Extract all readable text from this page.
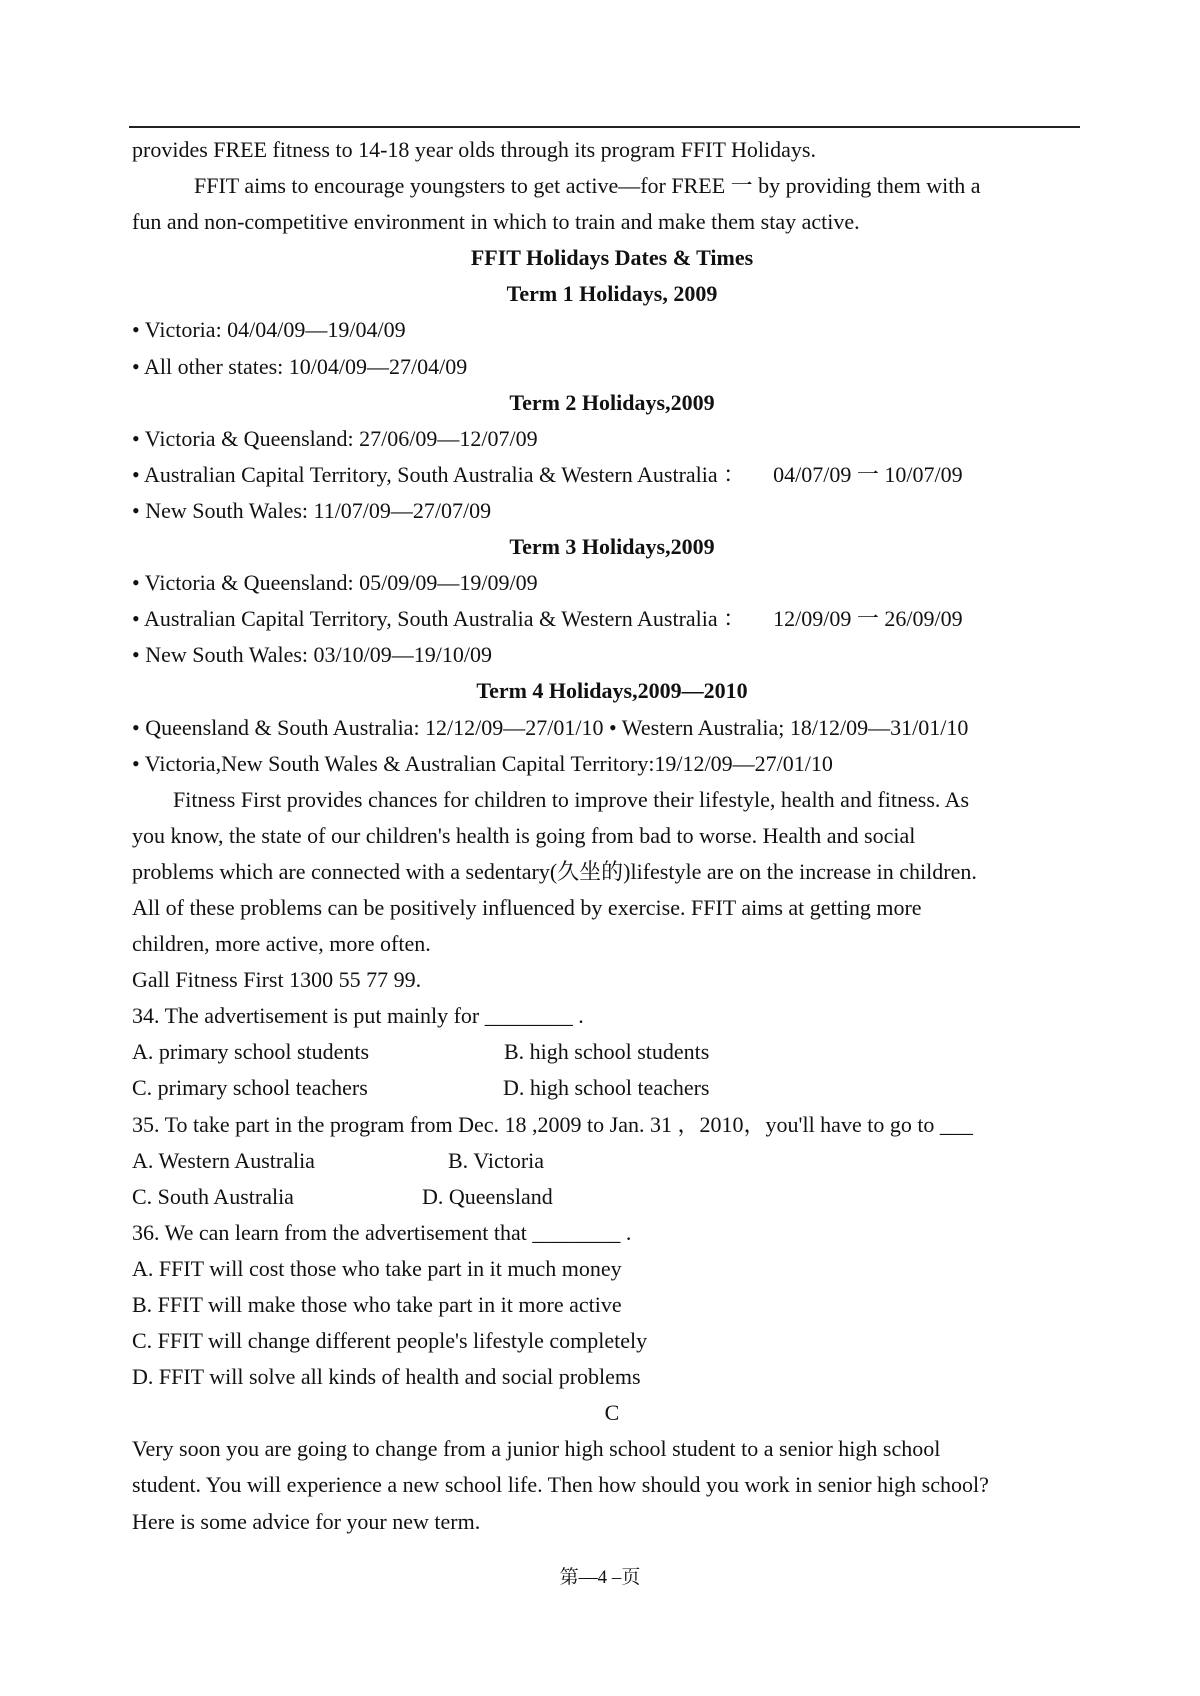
provides FREE fitness to 14-18 year olds through its program FFIT Holidays.
FFIT aims to encourage youngsters to get active—for FREE 一 by providing them with a
fun and non-competitive environment in which to train and make them stay active.
FFIT Holidays Dates & Times
Term 1 Holidays, 2009
• Victoria: 04/04/09—19/04/09
• All other states: 10/04/09—27/04/09
Term 2 Holidays,2009
• Victoria & Queensland: 27/06/09—12/07/09
• Australian Capital Territory, South Australia & Western Australia ： 04/07/09 一 10/07/09
• New South Wales: 11/07/09—27/07/09
Term 3 Holidays,2009
• Victoria & Queensland: 05/09/09—19/09/09
• Australian Capital Territory, South Australia & Western Australia ： 12/09/09 一 26/09/09
• New South Wales: 03/10/09—19/10/09
Term 4 Holidays,2009—2010
• Queensland & South Australia: 12/12/09—27/01/10 • Western Australia; 18/12/09—31/01/10
• Victoria,New South Wales & Australian Capital Territory:19/12/09—27/01/10
Fitness First provides chances for children to improve their lifestyle, health and fitness. As
you know, the state of our children's health is going from bad to worse. Health and social
problems which are connected with a sedentary(久坐的)lifestyle are on the increase in children.
All of these problems can be positively influenced by exercise. FFIT aims at getting more
children, more active, more often.
Gall Fitness First 1300 55 77 99.
34. The advertisement is put mainly for ________ .
A. primary school students	B. high school students
C. primary school teachers	D. high school teachers
35. To take part in the program from Dec. 18 ,2009 to Jan. 31 ，2010，you'll have to go to ___
A. Western Australia	B. Victoria
C. South Australia	D. Queensland
36. We can learn from the advertisement that ________ .
A. FFIT will cost those who take part in it much money
B. FFIT will make those who take part in it more active
C. FFIT will change different people's lifestyle completely
D. FFIT will solve all kinds of health and social problems
C
Very soon you are going to change from a junior high school student to a senior high school
student. You will experience a new school life. Then how should you work in senior high school?
Here is some advice for your new term.
第—4 –页
